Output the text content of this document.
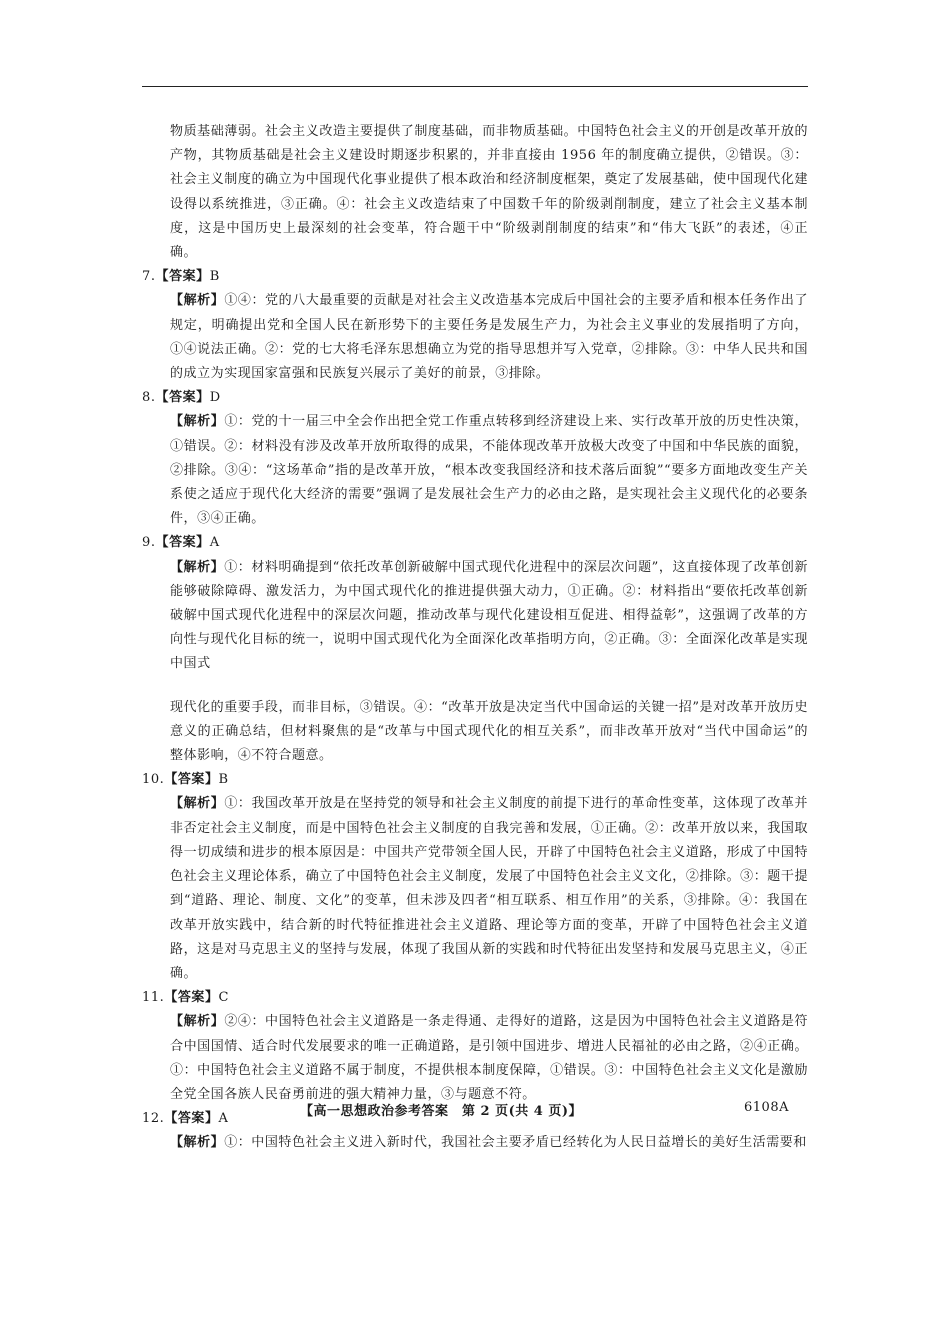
物质基础薄弱。社会主义改造主要提供了制度基础，而非物质基础。中国特色社会主义的开创是改革开放的产物，其物质基础是社会主义建设时期逐步积累的，并非直接由 1956 年的制度确立提供，②错误。③：社会主义制度的确立为中国现代化事业提供了根本政治和经济制度框架，奠定了发展基础，使中国现代化建设得以系统推进，③正确。④：社会主义改造结束了中国数千年的阶级剥削制度，建立了社会主义基本制度，这是中国历史上最深刻的社会变革，符合题干中“阶级剥削制度的结束”和“伟大飞跃”的表述，④正确。

7.【答案】B

【解析】①④：党的八大最重要的贡献是对社会主义改造基本完成后中国社会的主要矛盾和根本任务作出了规定，明确提出党和全国人民在新形势下的主要任务是发展生产力，为社会主义事业的发展指明了方向，①④说法正确。②：党的七大将毛泽东思想确立为党的指导思想并写入党章，②排除。③：中华人民共和国的成立为实现国家富强和民族复兴展示了美好的前景，③排除。

8.【答案】D

【解析】①：党的十一届三中全会作出把全党工作重点转移到经济建设上来、实行改革开放的历史性决策，①错误。②：材料没有涉及改革开放所取得的成果，不能体现改革开放极大改变了中国和中华民族的面貌，②排除。③④：“这场革命”指的是改革开放，“根本改变我国经济和技术落后面貌”“要多方面地改变生产关系使之适应于现代化大经济的需要”强调了是发展社会生产力的必由之路，是实现社会主义现代化的必要条件，③④正确。

9.【答案】A

【解析】①：材料明确提到“依托改革创新破解中国式现代化进程中的深层次问题”，这直接体现了改革创新能够破除障碍、激发活力，为中国式现代化的推进提供强大动力，①正确。②：材料指出“要依托改革创新破解中国式现代化进程中的深层次问题，推动改革与现代化建设相互促进、相得益彰”，这强调了改革的方向性与现代化目标的统一，说明中国式现代化为全面深化改革指明方向，②正确。③：全面深化改革是实现中国式

现代化的重要手段，而非目标，③错误。④：“改革开放是决定当代中国命运的关键一招”是对改革开放历史意义的正确总结，但材料聚焦的是“改革与中国式现代化的相互关系”，而非改革开放对“当代中国命运”的整体影响，④不符合题意。

10.【答案】B

【解析】①：我国改革开放是在坚持党的领导和社会主义制度的前提下进行的革命性变革，这体现了改革并非否定社会主义制度，而是中国特色社会主义制度的自我完善和发展，①正确。②：改革开放以来，我国取得一切成绩和进步的根本原因是：中国共产党带领全国人民，开辟了中国特色社会主义道路，形成了中国特色社会主义理论体系，确立了中国特色社会主义制度，发展了中国特色社会主义文化，②排除。③：题干提到“道路、理论、制度、文化”的变革，但未涉及四者“相互联系、相互作用”的关系，③排除。④：我国在改革开放实践中，结合新的时代特征推进社会主义道路、理论等方面的变革，开辟了中国特色社会主义道路，这是对马克思主义的坚持与发展，体现了我国从新的实践和时代特征出发坚持和发展马克思主义，④正确。

11.【答案】C

【解析】②④：中国特色社会主义道路是一条走得通、走得好的道路，这是因为中国特色社会主义道路是符合中国国情、适合时代发展要求的唯一正确道路，是引领中国进步、增进人民福祉的必由之路，②④正确。①：中国特色社会主义道路不属于制度，不提供根本制度保障，①错误。③：中国特色社会主义文化是激励全党全国各族人民奋勇前进的强大精神力量，③与题意不符。

12.【答案】A

【解析】①：中国特色社会主义进入新时代，我国社会主要矛盾已经转化为人民日益增长的美好生活需要和

【高一思想政治参考答案　第 2 页(共 4 页)】	6108A
